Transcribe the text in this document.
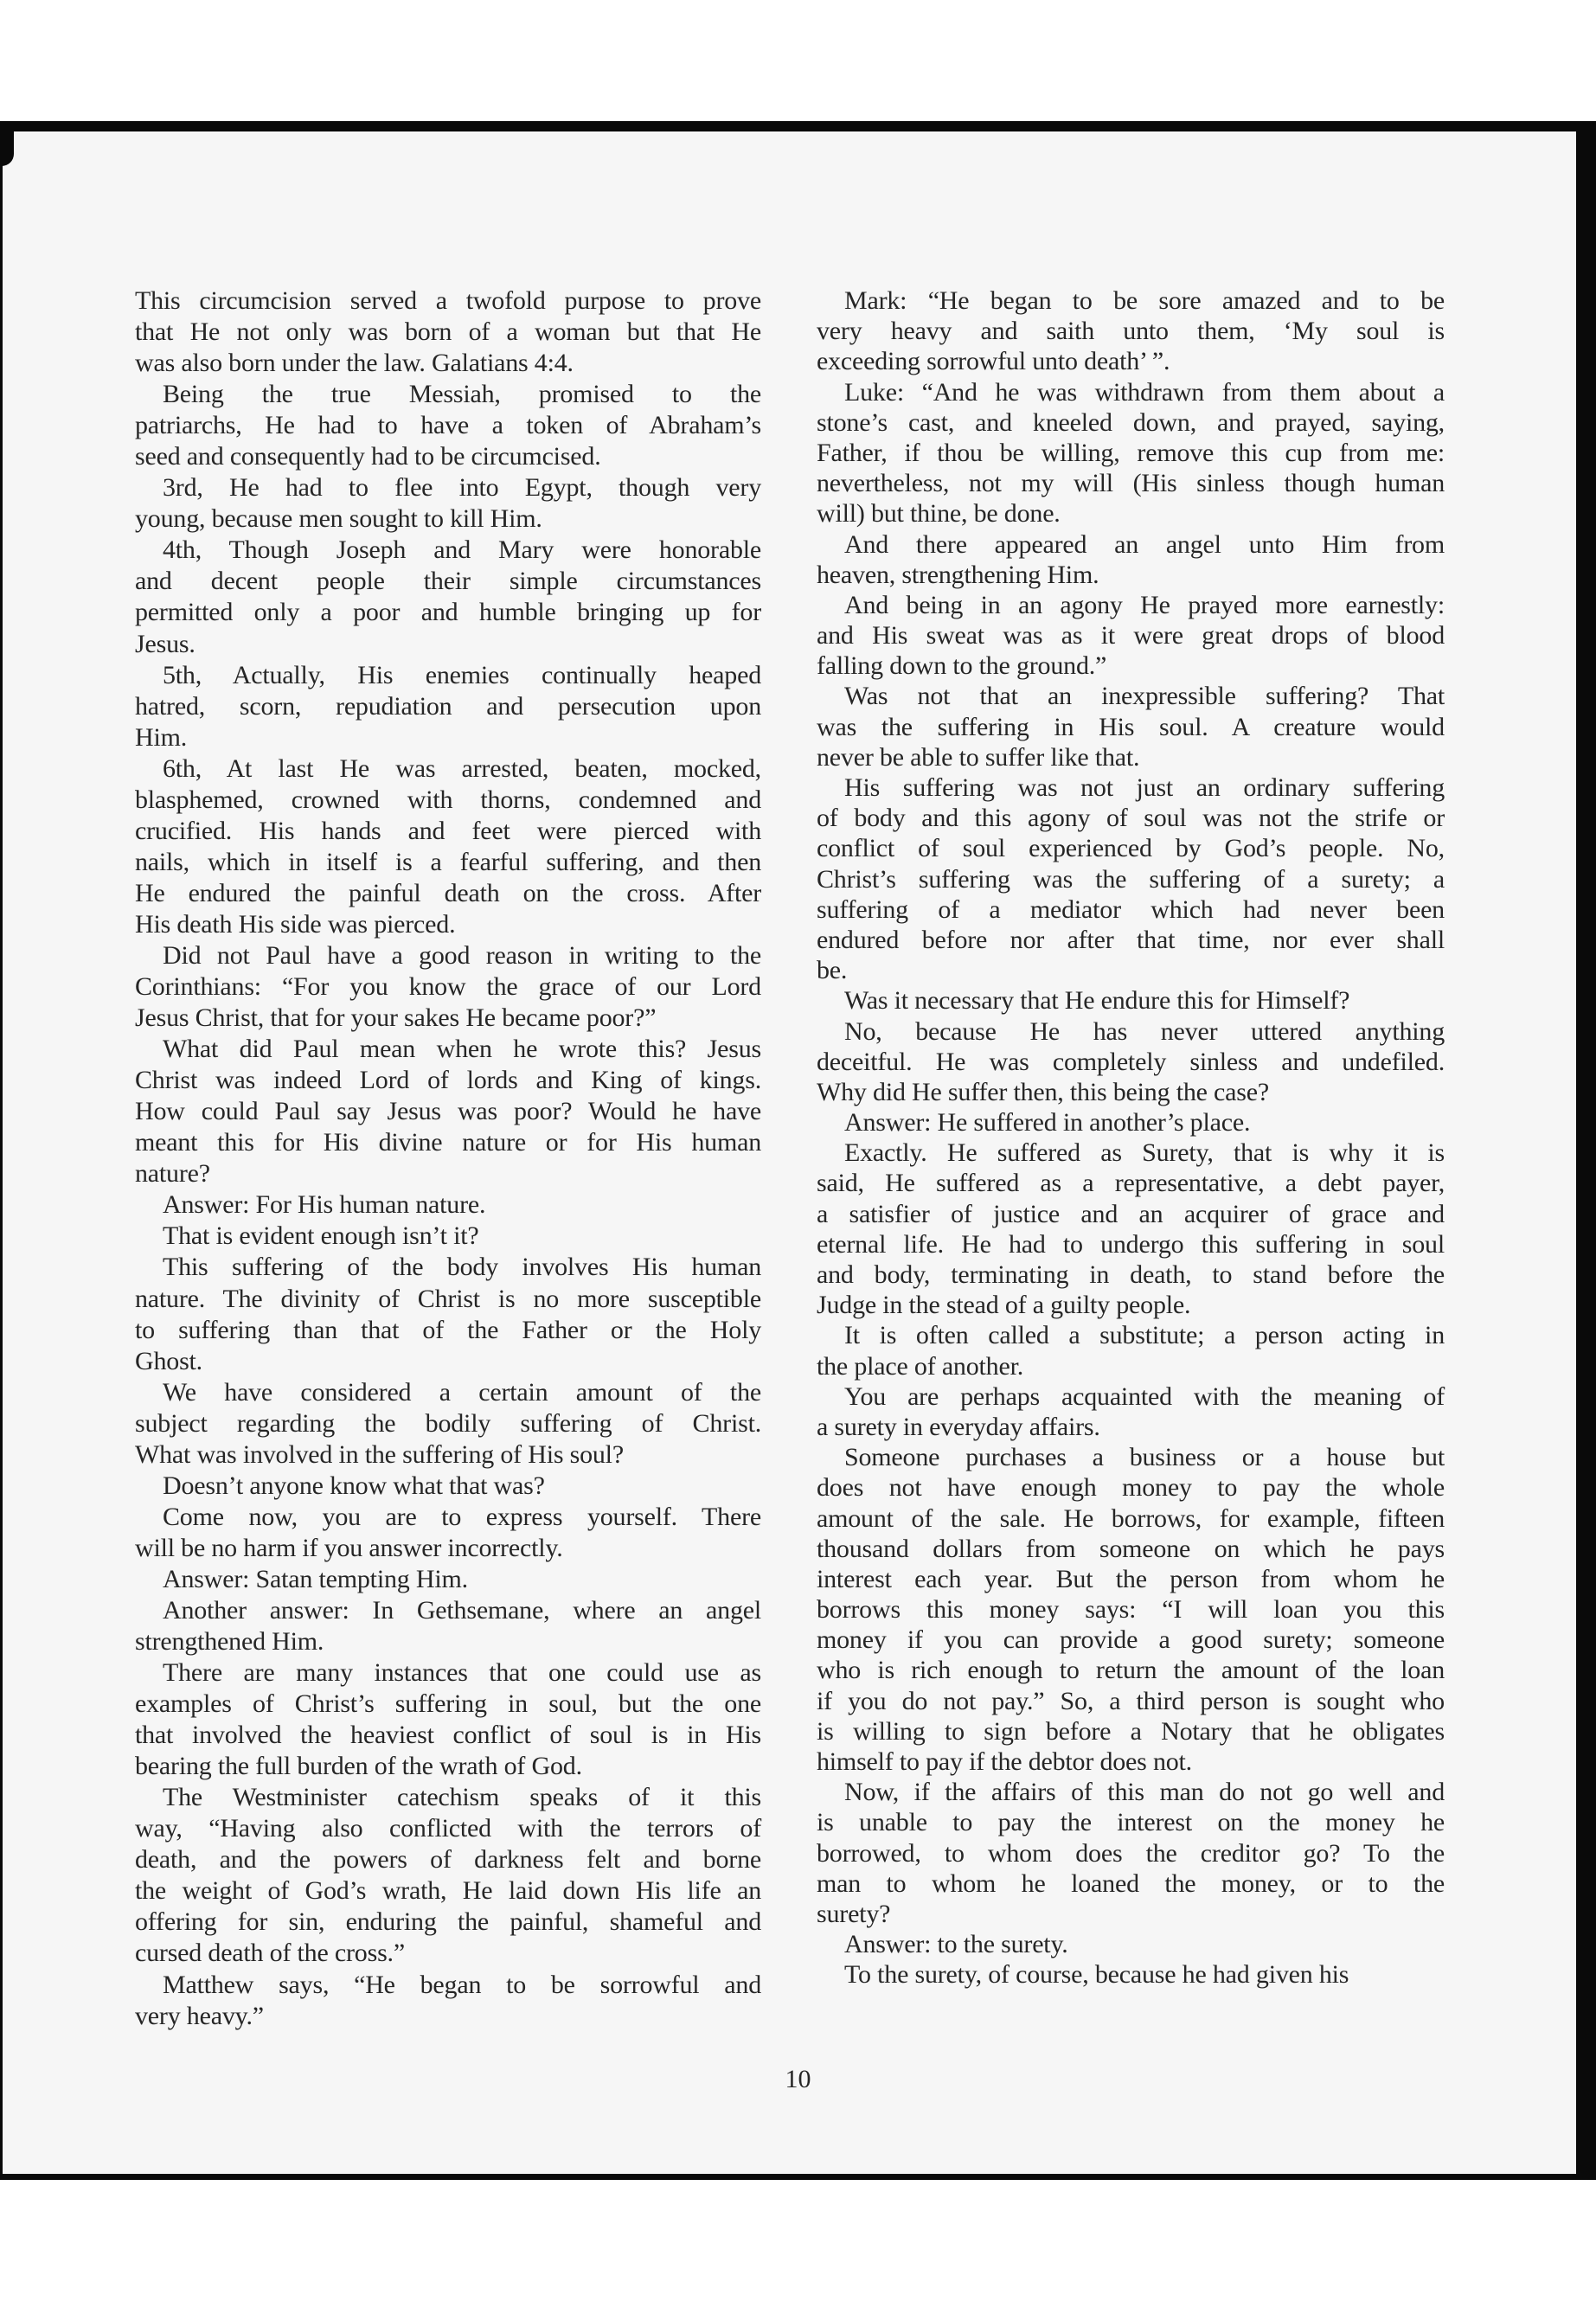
This circumcision served a twofold purpose to prove
that He not only was born of a woman but that He
was also born under the law. Galatians 4:4.
Being the true Messiah, promised to the
patriarchs, He had to have a token of Abraham’s
seed and consequently had to be circumcised.
3rd, He had to flee into Egypt, though very
young, because men sought to kill Him.
4th, Though Joseph and Mary were honorable
and decent people their simple circumstances
permitted only a poor and humble bringing up for
Jesus.
5th, Actually, His enemies continually heaped
hatred, scorn, repudiation and persecution upon
Him.
6th, At last He was arrested, beaten, mocked,
blasphemed, crowned with thorns, condemned and
crucified. His hands and feet were pierced with
nails, which in itself is a fearful suffering, and then
He endured the painful death on the cross. After
His death His side was pierced.
Did not Paul have a good reason in writing to the
Corinthians: “For you know the grace of our Lord
Jesus Christ, that for your sakes He became poor?”
What did Paul mean when he wrote this? Jesus
Christ was indeed Lord of lords and King of kings.
How could Paul say Jesus was poor? Would he have
meant this for His divine nature or for His human
nature?
Answer: For His human nature.
That is evident enough isn’t it?
This suffering of the body involves His human
nature. The divinity of Christ is no more susceptible
to suffering than that of the Father or the Holy
Ghost.
We have considered a certain amount of the
subject regarding the bodily suffering of Christ.
What was involved in the suffering of His soul?
Doesn’t anyone know what that was?
Come now, you are to express yourself. There
will be no harm if you answer incorrectly.
Answer: Satan tempting Him.
Another answer: In Gethsemane, where an angel
strengthened Him.
There are many instances that one could use as
examples of Christ’s suffering in soul, but the one
that involved the heaviest conflict of soul is in His
bearing the full burden of the wrath of God.
The Westminister catechism speaks of it this
way, “Having also conflicted with the terrors of
death, and the powers of darkness felt and borne
the weight of God’s wrath, He laid down His life an
offering for sin, enduring the painful, shameful and
cursed death of the cross.”
Matthew says, “He began to be sorrowful and
very heavy.”
Mark: “He began to be sore amazed and to be
very heavy and saith unto them, ‘My soul is
exceeding sorrowful unto death’ ”.
Luke: “And he was withdrawn from them about a
stone’s cast, and kneeled down, and prayed, saying,
Father, if thou be willing, remove this cup from me:
nevertheless, not my will (His sinless though human
will) but thine, be done.
And there appeared an angel unto Him from
heaven, strengthening Him.
And being in an agony He prayed more earnestly:
and His sweat was as it were great drops of blood
falling down to the ground.”
Was not that an inexpressible suffering? That
was the suffering in His soul. A creature would
never be able to suffer like that.
His suffering was not just an ordinary suffering
of body and this agony of soul was not the strife or
conflict of soul experienced by God’s people. No,
Christ’s suffering was the suffering of a surety; a
suffering of a mediator which had never been
endured before nor after that time, nor ever shall
be.
Was it necessary that He endure this for Himself?
No, because He has never uttered anything
deceitful. He was completely sinless and undefiled.
Why did He suffer then, this being the case?
Answer: He suffered in another’s place.
Exactly. He suffered as Surety, that is why it is
said, He suffered as a representative, a debt payer,
a satisfier of justice and an acquirer of grace and
eternal life. He had to undergo this suffering in soul
and body, terminating in death, to stand before the
Judge in the stead of a guilty people.
It is often called a substitute; a person acting in
the place of another.
You are perhaps acquainted with the meaning of
a surety in everyday affairs.
Someone purchases a business or a house but
does not have enough money to pay the whole
amount of the sale. He borrows, for example, fifteen
thousand dollars from someone on which he pays
interest each year. But the person from whom he
borrows this money says: “I will loan you this
money if you can provide a good surety; someone
who is rich enough to return the amount of the loan
if you do not pay.” So, a third person is sought who
is willing to sign before a Notary that he obligates
himself to pay if the debtor does not.
Now, if the affairs of this man do not go well and
is unable to pay the interest on the money he
borrowed, to whom does the creditor go? To the
man to whom he loaned the money, or to the
surety?
Answer: to the surety.
To the surety, of course, because he had given his
10
